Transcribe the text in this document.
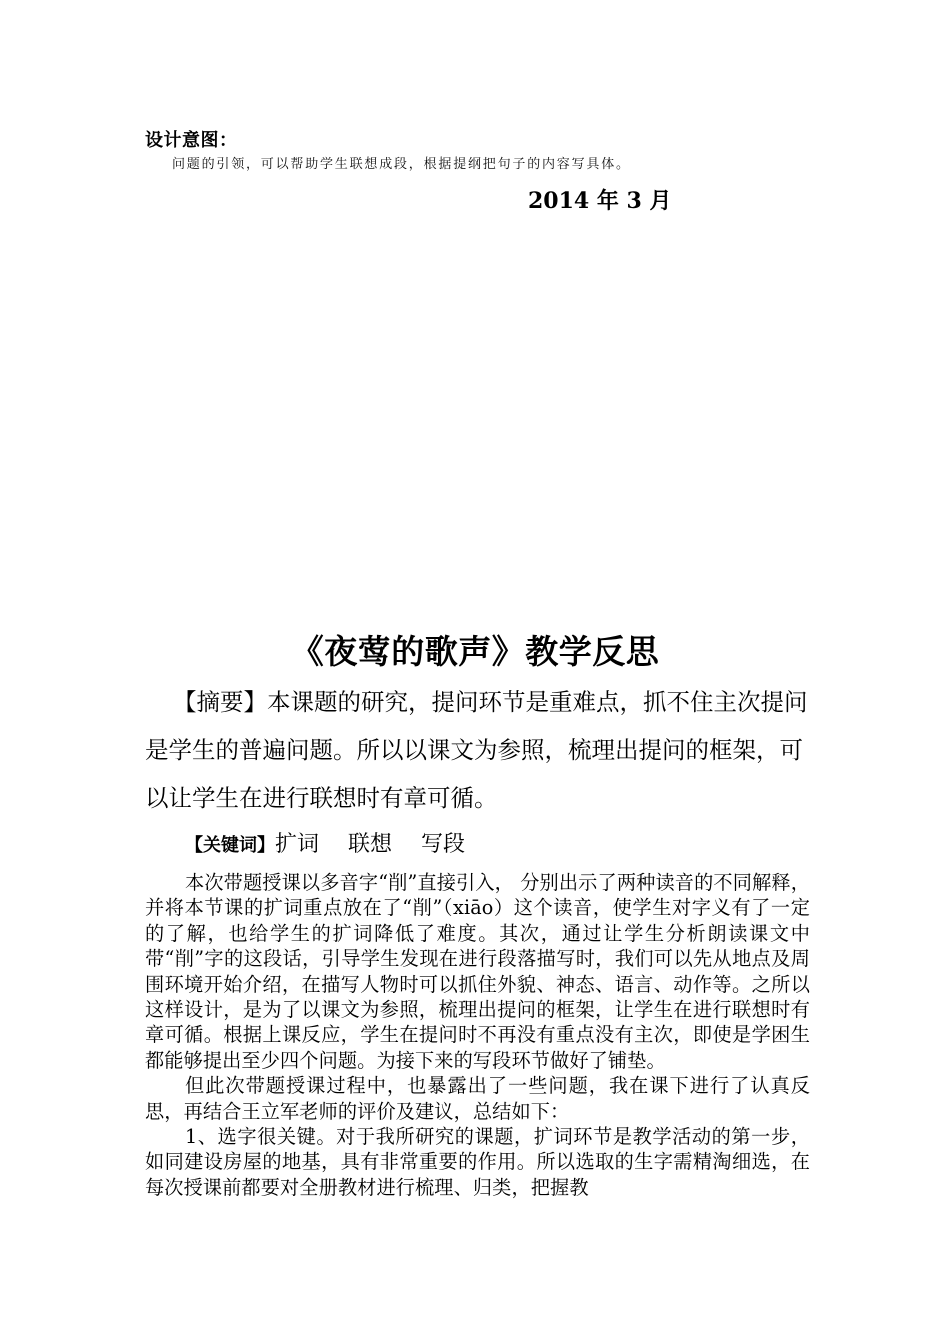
设计意图：
问题的引领，可以帮助学生联想成段，根据提纲把句子的内容写具体。
2014 年 3 月
《夜莺的歌声》教学反思
【摘要】本课题的研究，提问环节是重难点，抓不住主次提问是学生的普遍问题。所以以课文为参照，梳理出提问的框架，可以让学生在进行联想时有章可循。
【关键词】扩词　 联想　 写段

本次带题授课以多音字“削”直接引入， 分别出示了两种读音的不同解释，并将本节课的扩词重点放在了“削”（xiāo）这个读音，使学生对字义有了一定的了解，也给学生的扩词降低了难度。其次，通过让学生分析朗读课文中带“削”字的这段话，引导学生发现在进行段落描写时，我们可以先从地点及周围环境开始介绍，在描写人物时可以抓住外貌、神态、语言、动作等。之所以这样设计，是为了以课文为参照，梳理出提问的框架，让学生在进行联想时有章可循。根据上课反应，学生在提问时不再没有重点没有主次，即使是学困生都能够提出至少四个问题。为接下来的写段环节做好了铺垫。

但此次带题授课过程中，也暴露出了一些问题，我在课下进行了认真反思，再结合王立军老师的评价及建议，总结如下：

1、选字很关键。对于我所研究的课题，扩词环节是教学活动的第一步，如同建设房屋的地基，具有非常重要的作用。所以选取的生字需精淘细选，在每次授课前都要对全册教材进行梳理、归类，把握教
